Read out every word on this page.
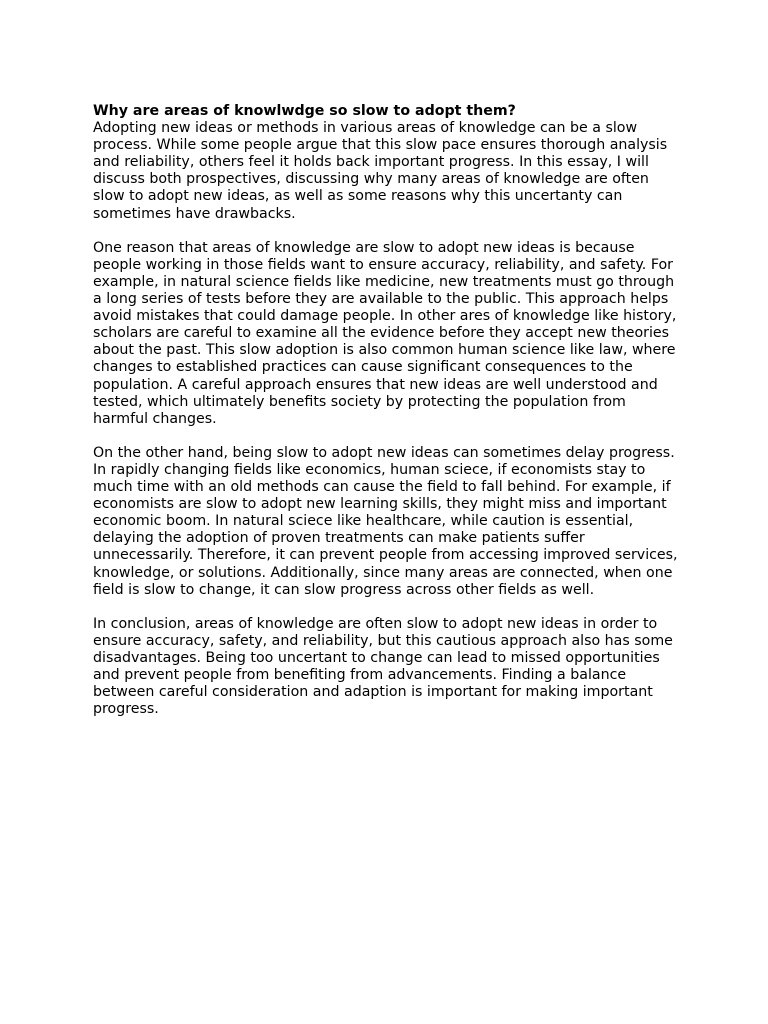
Why are areas of knowlwdge so slow to adopt them?

Adopting new ideas or methods in various areas of knowledge can be a slow process. While some people argue that this slow pace ensures thorough analysis and reliability, others feel it holds back important progress. In this essay, I will discuss both prospectives, discussing why many areas of knowledge are often slow to adopt new ideas, as well as some reasons why this uncertanty can sometimes have drawbacks.

One reason that areas of knowledge are slow to adopt new ideas is because people working in those fields want to ensure accuracy, reliability, and safety. For example, in natural science fields like medicine, new treatments must go through a long series of tests before they are available to the public. This approach helps avoid mistakes that could damage people. In other ares of knowledge like history, scholars are careful to examine all the evidence before they accept new theories about the past. This slow adoption is also common human science like law, where changes to established practices can cause significant consequences to the population. A careful approach ensures that new ideas are well understood and tested, which ultimately benefits society by protecting the population from harmful changes.

On the other hand, being slow to adopt new ideas can sometimes delay progress. In rapidly changing fields like economics, human sciece, if economists stay to much time with an old methods can cause the field to fall behind. For example, if economists are slow to adopt new learning skills, they might miss and important economic boom. In natural sciece like healthcare, while caution is essential, delaying the adoption of proven treatments can make patients suffer unnecessarily. Therefore, it can prevent people from accessing improved services, knowledge, or solutions. Additionally, since many areas are connected, when one field is slow to change, it can slow progress across other fields as well.

In conclusion, areas of knowledge are often slow to adopt new ideas in order to ensure accuracy, safety, and reliability, but this cautious approach also has some disadvantages. Being too uncertant to change can lead to missed opportunities and prevent people from benefiting from advancements. Finding a balance between careful consideration and adaption is important for making important progress.
